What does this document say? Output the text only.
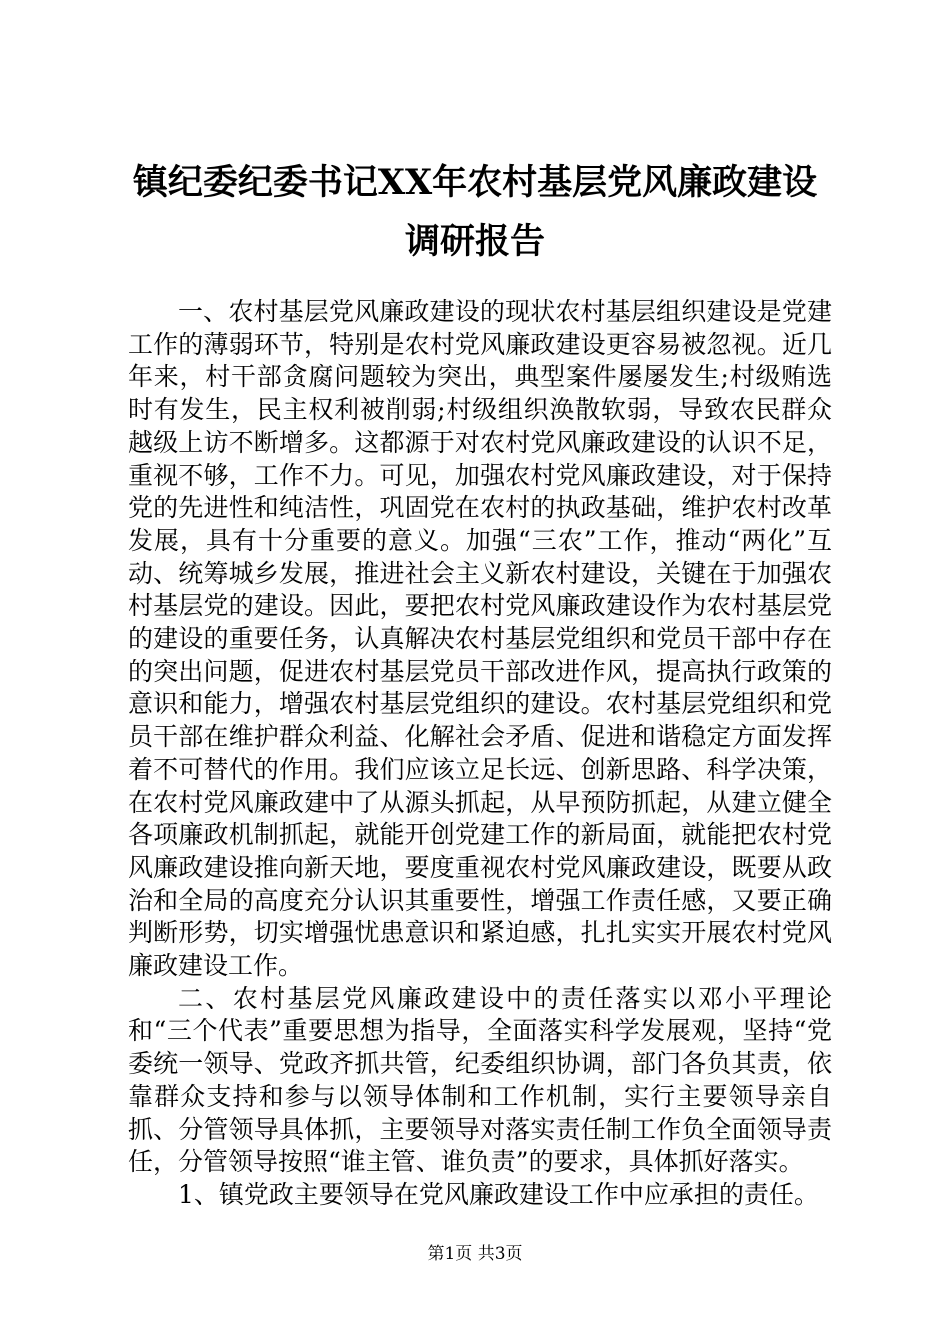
镇纪委纪委书记XX年农村基层党风廉政建设
调研报告

一、农村基层党风廉政建设的现状农村基层组织建设是党建工作的薄弱环节，特别是农村党风廉政建设更容易被忽视。近几年来，村干部贪腐问题较为突出，典型案件屡屡发生;村级贿选时有发生，民主权利被削弱;村级组织涣散软弱，导致农民群众越级上访不断增多。这都源于对农村党风廉政建设的认识不足，重视不够，工作不力。可见，加强农村党风廉政建设，对于保持党的先进性和纯洁性，巩固党在农村的执政基础，维护农村改革发展，具有十分重要的意义。加强“三农”工作，推动“两化”互动、统筹城乡发展，推进社会主义新农村建设，关键在于加强农村基层党的建设。因此，要把农村党风廉政建设作为农村基层党的建设的重要任务，认真解决农村基层党组织和党员干部中存在的突出问题，促进农村基层党员干部改进作风，提高执行政策的意识和能力，增强农村基层党组织的建设。农村基层党组织和党员干部在维护群众利益、化解社会矛盾、促进和谐稳定方面发挥着不可替代的作用。我们应该立足长远、创新思路、科学决策，在农村党风廉政建中了从源头抓起，从早预防抓起，从建立健全各项廉政机制抓起，就能开创党建工作的新局面，就能把农村党风廉政建设推向新天地，要度重视农村党风廉政建设，既要从政治和全局的高度充分认识其重要性，增强工作责任感，又要正确判断形势，切实增强忧患意识和紧迫感，扎扎实实开展农村党风廉政建设工作。

二、农村基层党风廉政建设中的责任落实以邓小平理论和“三个代表”重要思想为指导，全面落实科学发展观，坚持“党委统一领导、党政齐抓共管，纪委组织协调，部门各负其责，依靠群众支持和参与以领导体制和工作机制，实行主要领导亲自抓、分管领导具体抓，主要领导对落实责任制工作负全面领导责任，分管领导按照“谁主管、谁负责”的要求，具体抓好落实。

1、镇党政主要领导在党风廉政建设工作中应承担的责任。

第1页 共3页
